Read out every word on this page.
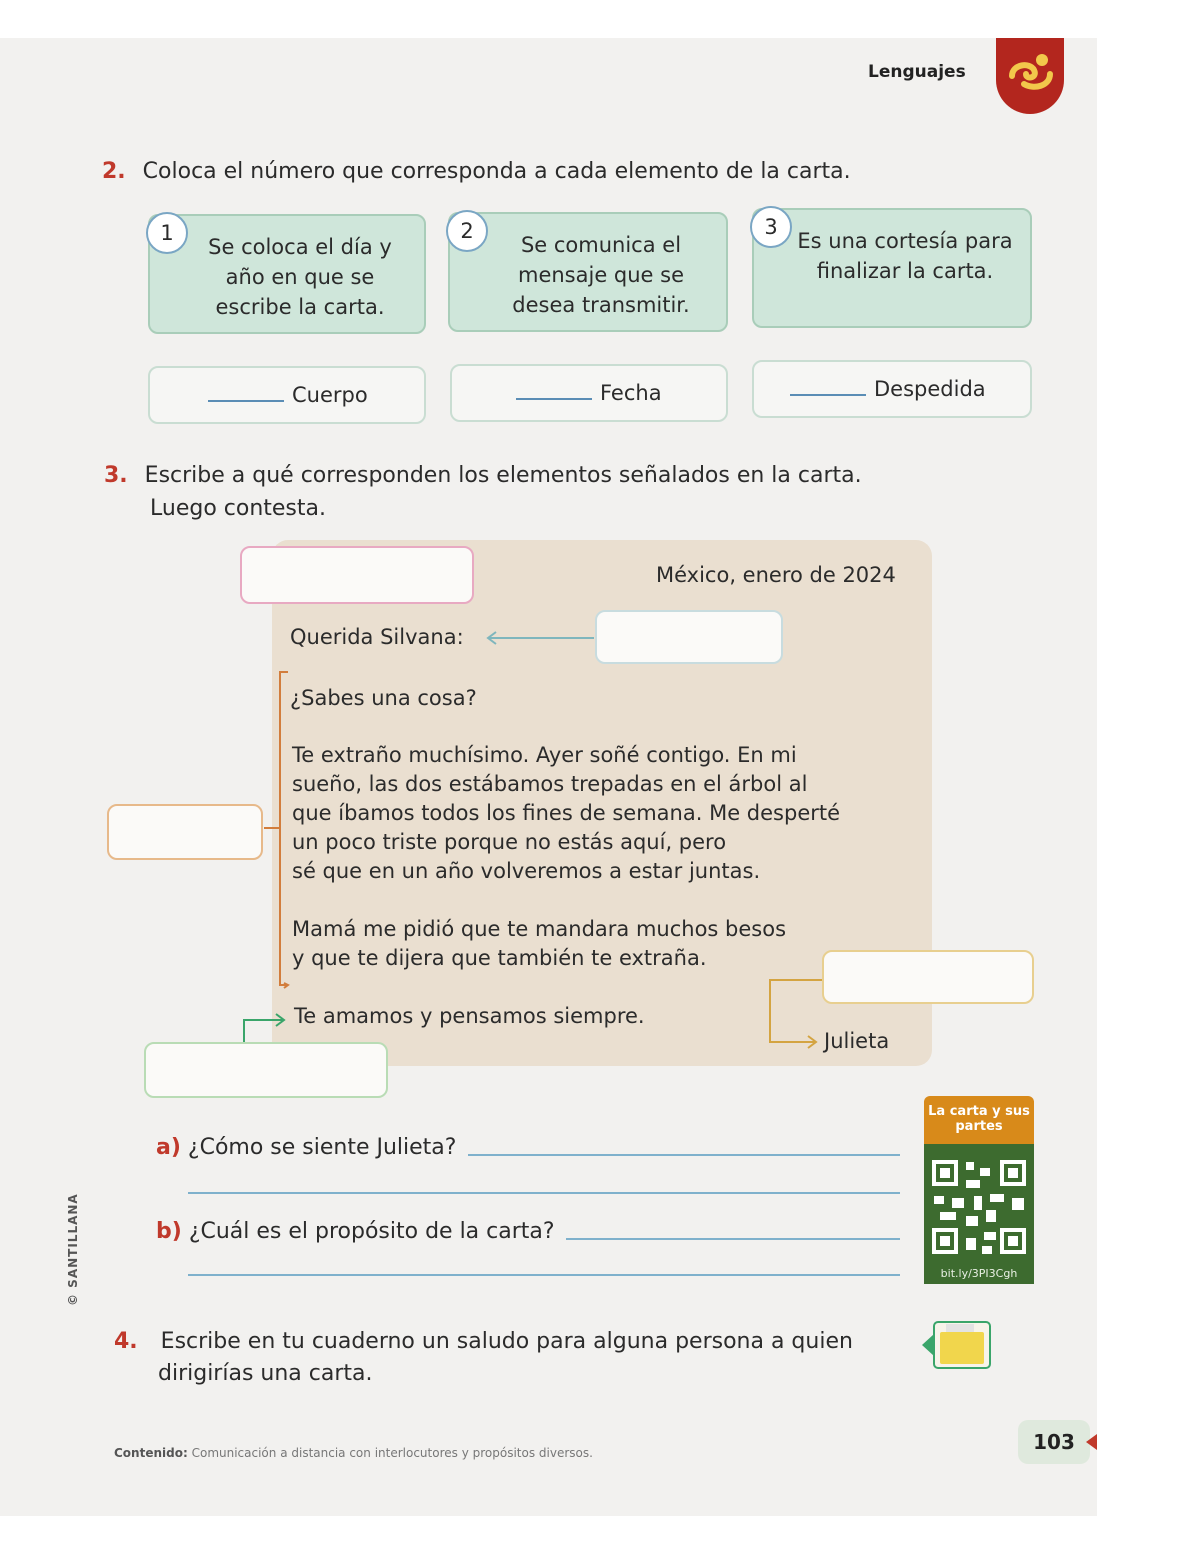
Lenguajes
2. Coloca el número que corresponda a cada elemento de la carta.
1
Se coloca el día y año en que se escribe la carta.
2
Se comunica el mensaje que se desea transmitir.
3
Es una cortesía para finalizar la carta.
Cuerpo	Fecha	Despedida
3. Escribe a qué corresponden los elementos señalados en la carta.
Luego contesta.
México, enero de 2024
Querida Silvana:
¿Sabes una cosa?
Te extraño muchísimo. Ayer soñé contigo. En mi
sueño, las dos estábamos trepadas en el árbol al
que íbamos todos los fines de semana. Me desperté
un poco triste porque no estás aquí, pero
sé que en un año volveremos a estar juntas.
Mamá me pidió que te mandara muchos besos
y que te dijera que también te extraña.
Te amamos y pensamos siempre.
Julieta
a) ¿Cómo se siente Julieta?
b) ¿Cuál es el propósito de la carta?
La carta y sus partes
bit.ly/3PI3Cgh
4. Escribe en tu cuaderno un saludo para alguna persona a quien
dirigirías una carta.
© SANTILLANA
Contenido: Comunicación a distancia con interlocutores y propósitos diversos.	103
